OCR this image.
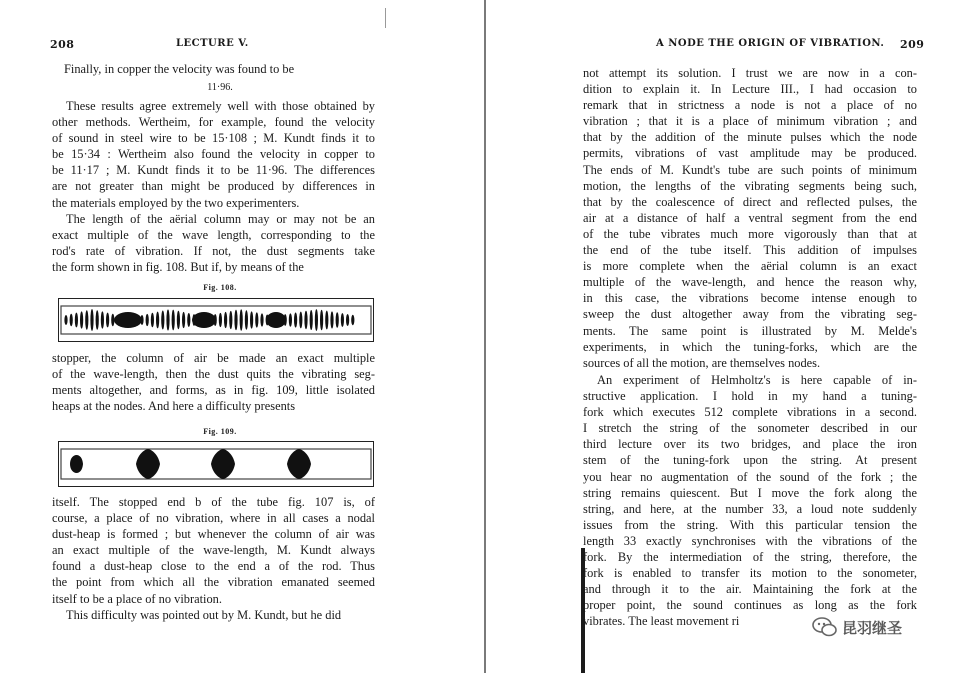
208	LECTURE V.
Finally, in copper the velocity was found to be
11·96.
These results agree extremely well with those obtained by
other methods. Wertheim, for example, found the velocity
of sound in steel wire to be 15·108 ; M. Kundt finds it to
be 15·34 : Wertheim also found the velocity in copper to
be 11·17 ; M. Kundt finds it to be 11·96. The differences
are not greater than might be produced by differences in
the materials employed by the two experimenters.
The length of the aërial column may or may not be an
exact multiple of the wave length, corresponding to the
rod's rate of vibration. If not, the dust segments take
the form shown in fig. 108. But if, by means of the
Fig. 108.
stopper, the column of air be made an exact multiple
of the wave-length, then the dust quits the vibrating seg-
ments altogether, and forms, as in fig. 109, little isolated
heaps at the nodes. And here a difficulty presents
Fig. 109.
itself. The stopped end b of the tube fig. 107 is, of
course, a place of no vibration, where in all cases a nodal
dust-heap is formed ; but whenever the column of air was
an exact multiple of the wave-length, M. Kundt always
found a dust-heap close to the end a of the rod. Thus
the point from which all the vibration emanated seemed
itself to be a place of no vibration.
This difficulty was pointed out by M. Kundt, but he did
A NODE THE ORIGIN OF VIBRATION. 209
not attempt its solution. I trust we are now in a con-
dition to explain it. In Lecture III., I had occasion to
remark that in strictness a node is not a place of no
vibration ; that it is a place of minimum vibration ; and
that by the addition of the minute pulses which the node
permits, vibrations of vast amplitude may be produced.
The ends of M. Kundt's tube are such points of minimum
motion, the lengths of the vibrating segments being such,
that by the coalescence of direct and reflected pulses, the
air at a distance of half a ventral segment from the end
of the tube vibrates much more vigorously than that at
the end of the tube itself. This addition of impulses
is more complete when the aërial column is an exact
multiple of the wave-length, and hence the reason why,
in this case, the vibrations become intense enough to
sweep the dust altogether away from the vibrating seg-
ments. The same point is illustrated by M. Melde's
experiments, in which the tuning-forks, which are the
sources of all the motion, are themselves nodes.
An experiment of Helmholtz's is here capable of in-
structive application. I hold in my hand a tuning-
fork which executes 512 complete vibrations in a second.
I stretch the string of the sonometer described in our
third lecture over its two bridges, and place the iron
stem of the tuning-fork upon the string. At present
you hear no augmentation of the sound of the fork ; the
string remains quiescent. But I move the fork along the
string, and here, at the number 33, a loud note suddenly
issues from the string. With this particular tension the
length 33 exactly synchronises with the vibrations of the
fork. By the intermediation of the string, therefore, the
fork is enabled to transfer its motion to the sonometer,
and through it to the air. Maintaining the fork at the
proper point, the sound continues as long as the fork
vibrates. The least movement ri	昆羽继圣
